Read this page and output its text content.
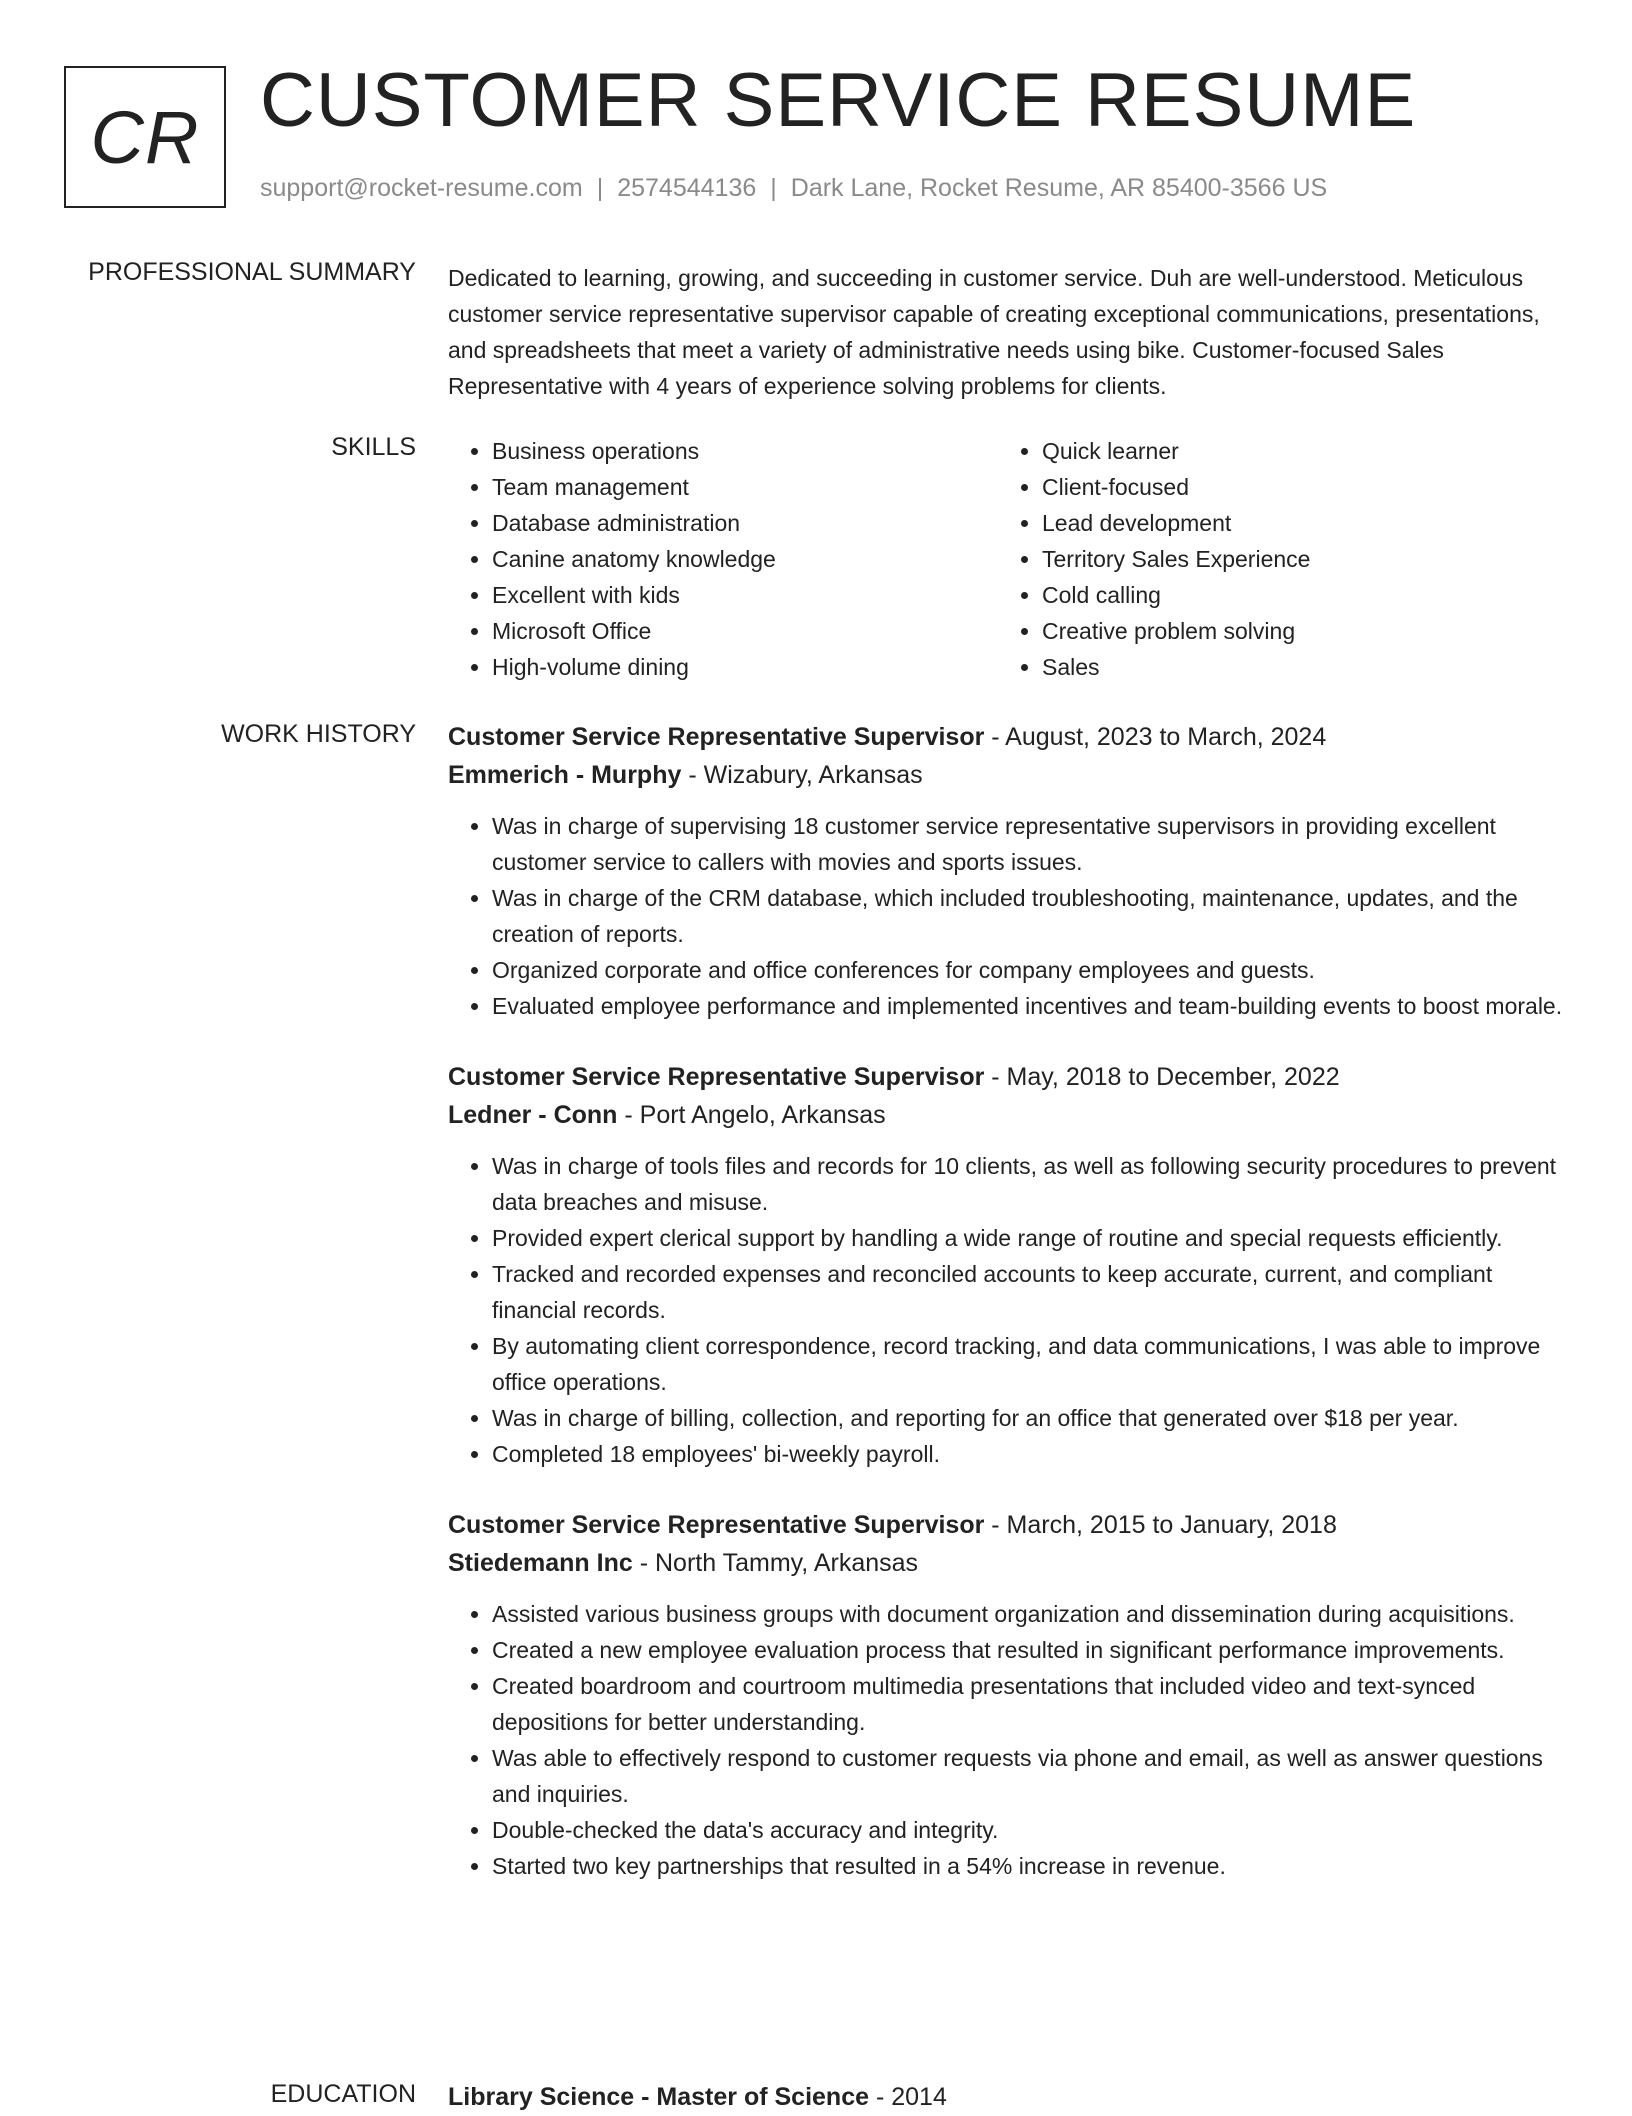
CR CUSTOMER SERVICE RESUME
support@rocket-resume.com | 2574544136 | Dark Lane, Rocket Resume, AR 85400-3566 US
PROFESSIONAL SUMMARY Dedicated to learning, growing, and succeeding in customer service. Duh are well-understood. Meticulous customer service representative supervisor capable of creating exceptional communications, presentations, and spreadsheets that meet a variety of administrative needs using bike. Customer-focused Sales Representative with 4 years of experience solving problems for clients.

SKILLS
•	Business operations
• Team management
• Database administration
• Canine anatomy knowledge
• Excellent with kids
• Microsoft Office
• High-volume dining
• Quick learner
• Client-focused
• Lead development
• Territory Sales Experience
• Cold calling
• Creative problem solving
• Sales
WORK HISTORY Customer Service Representative Supervisor - August, 2023 to March, 2024
Emmerich - Murphy - Wizabury, Arkansas
• Was in charge of supervising 18 customer service representative supervisors in providing excellent customer service to callers with movies and sports issues.
• Was in charge of the CRM database, which included troubleshooting, maintenance, updates, and the creation of reports.
• Organized corporate and office conferences for company employees and guests.
• Evaluated employee performance and implemented incentives and team-building events to boost morale.
Customer Service Representative Supervisor - May, 2018 to December, 2022
Ledner - Conn - Port Angelo, Arkansas
• Was in charge of tools files and records for 10 clients, as well as following security procedures to prevent data breaches and misuse.
• Provided expert clerical support by handling a wide range of routine and special requests efficiently.
• Tracked and recorded expenses and reconciled accounts to keep accurate, current, and compliant financial records.
• By automating client correspondence, record tracking, and data communications, I was able to improve office operations.
• Was in charge of billing, collection, and reporting for an office that generated over $18 per year.
• Completed 18 employees' bi-weekly payroll.
Customer Service Representative Supervisor - March, 2015 to January, 2018
Stiedemann Inc - North Tammy, Arkansas
• Assisted various business groups with document organization and dissemination during acquisitions.
• Created a new employee evaluation process that resulted in significant performance improvements.
• Created boardroom and courtroom multimedia presentations that included video and text-synced depositions for better understanding.
• Was able to effectively respond to customer requests via phone and email, as well as answer questions and inquiries.
• Double-checked the data's accuracy and integrity.
• Started two key partnerships that resulted in a 54% increase in revenue.
EDUCATION Library Science - Master of Science - 2014
